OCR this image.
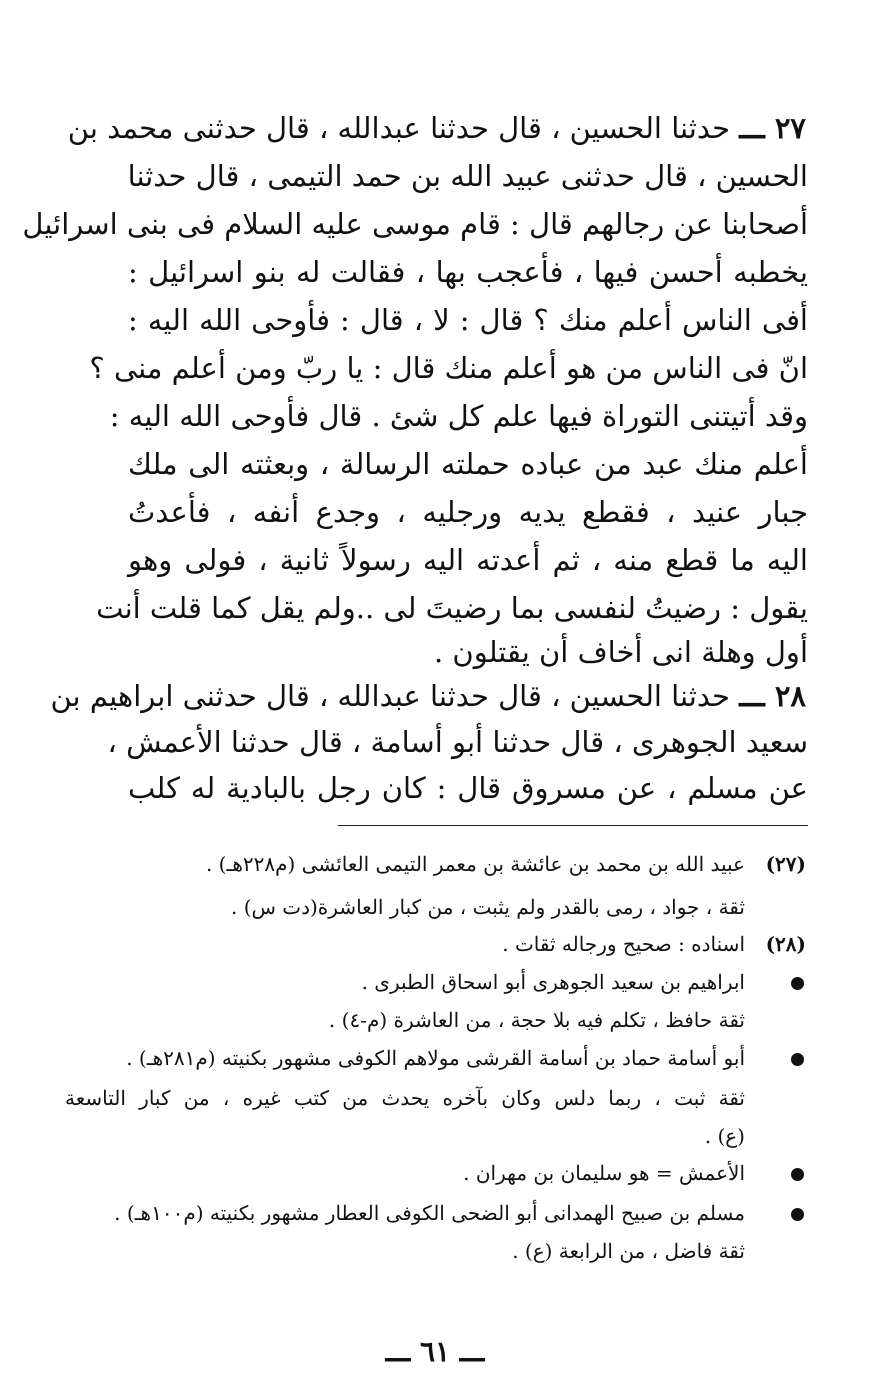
٢٧ ـــ
حدثنا الحسين ، قال حدثنا عبدالله ، قال حدثنى محمد بن
الحسين ، قال حدثنى عبيد الله بن حمد التيمى ، قال حدثنا
أصحابنا عن رجالهم قال : قام موسى عليه السلام فى بنى اسرائيل
يخطبه أحسن فيها ، فأعجب بها ، فقالت له بنو اسرائيل :
أفى الناس أعلم منك ؟ قال : لا ، قال : فأوحى الله اليه :
انّ فى الناس من هو أعلم منك قال : يا ربّ ومن أعلم منى ؟
وقد أتيتنى التوراة فيها علم كل شئ . قال فأوحى الله اليه :
أعلم منك عبد من عباده حملته الرسالة ، وبعثته الى ملك
جبار عنيد ، فقطع يديه ورجليه ، وجدع أنفه ، فأعدتُ
اليه ما قطع منه ، ثم أعدته اليه رسولاً ثانية ، فولى وهو
يقول : رضيتُ لنفسى بما رضيتَ لى ..ولم يقل كما قلت أنت
أول وهلة انى أخاف أن يقتلون .
٢٨ ـــ
حدثنا الحسين ، قال حدثنا عبدالله ، قال حدثنى ابراهيم بن
سعيد الجوهرى ، قال حدثنا أبو أسامة ، قال حدثنا الأعمش ،
عن مسلم ، عن مسروق قال : كان رجل بالبادية له كلب
(٢٧)
عبيد الله بن محمد بن عائشة بن معمر التيمى العائشى (م٢٢٨هـ) .
ثقة ، جواد ، رمى بالقدر ولم يثبت ، من كبار العاشرة(دت س) .
(٢٨)
اسناده : صحيح ورجاله ثقات .
ابراهيم بن سعيد الجوهرى أبو اسحاق الطبرى .
ثقة حافظ ، تكلم فيه بلا حجة ، من العاشرة (م-٤) .
أبو أسامة حماد بن أسامة القرشى مولاهم الكوفى مشهور بكنيته (م٢٨١هـ) .
ثقة ثبت ، ربما دلس وكان بآخره يحدث من كتب غيره ، من كبار التاسعة
(ع) .
الأعمش = هو سليمان بن مهران .
مسلم بن صبيح الهمدانى أبو الضحى الكوفى العطار مشهور بكنيته (م١٠٠هـ) .
ثقة فاضل ، من الرابعة (ع) .
ـــ ٦١ ـــ
